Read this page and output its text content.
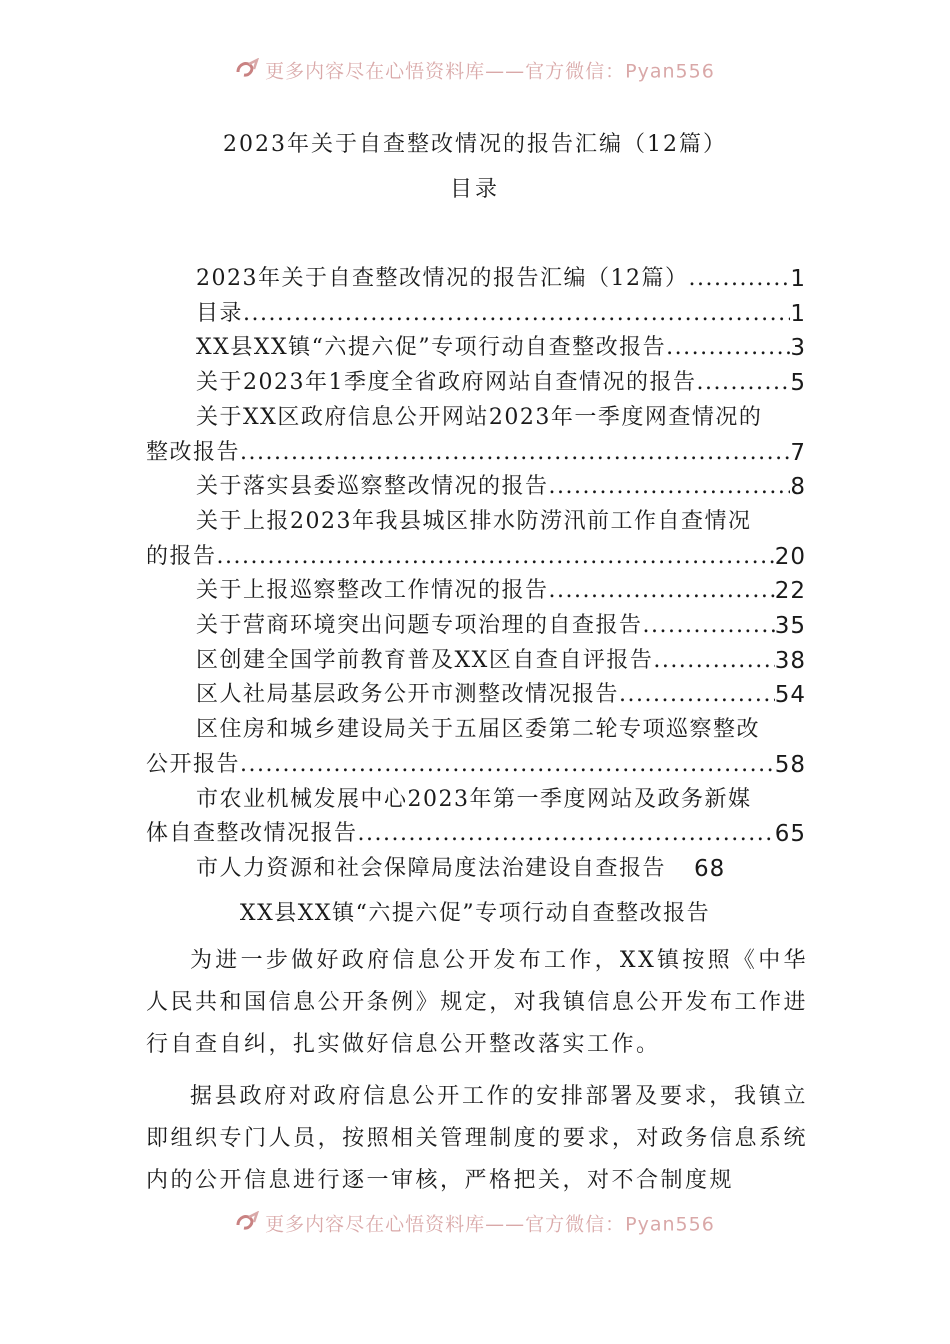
更多内容尽在心悟资料库——官方微信：Pyan556
2023年关于自查整改情况的报告汇编（12篇）
目录
2023年关于自查整改情况的报告汇编（12篇） .....	1
目录 .....	1
XX县XX镇“六提六促”专项行动自查整改报告 .....	3
关于2023年1季度全省政府网站自查情况的报告 .....	5
关于XX区政府信息公开网站2023年一季度网查情况的
整改报告 .....	7
关于落实县委巡察整改情况的报告 .....	8
关于上报2023年我县城区排水防涝汛前工作自查情况
的报告 .....	20
关于上报巡察整改工作情况的报告 .....	22
关于营商环境突出问题专项治理的自查报告 .....	35
区创建全国学前教育普及XX区自查自评报告 .....	38
区人社局基层政务公开市测整改情况报告 .....	54
区住房和城乡建设局关于五届区委第二轮专项巡察整改
公开报告 .....	58
市农业机械发展中心2023年第一季度网站及政务新媒
体自查整改情况报告 .....	65
市人力资源和社会保障局度法治建设自查报告 68
XX县XX镇“六提六促”专项行动自查整改报告

为进一步做好政府信息公开发布工作，XX镇按照《中华人民共和国信息公开条例》规定，对我镇信息公开发布工作进行自查自纠，扎实做好信息公开整改落实工作。

据县政府对政府信息公开工作的安排部署及要求，我镇立即组织专门人员，按照相关管理制度的要求，对政务信息系统内的公开信息进行逐一审核，严格把关，对不合制度规

更多内容尽在心悟资料库——官方微信：Pyan556
